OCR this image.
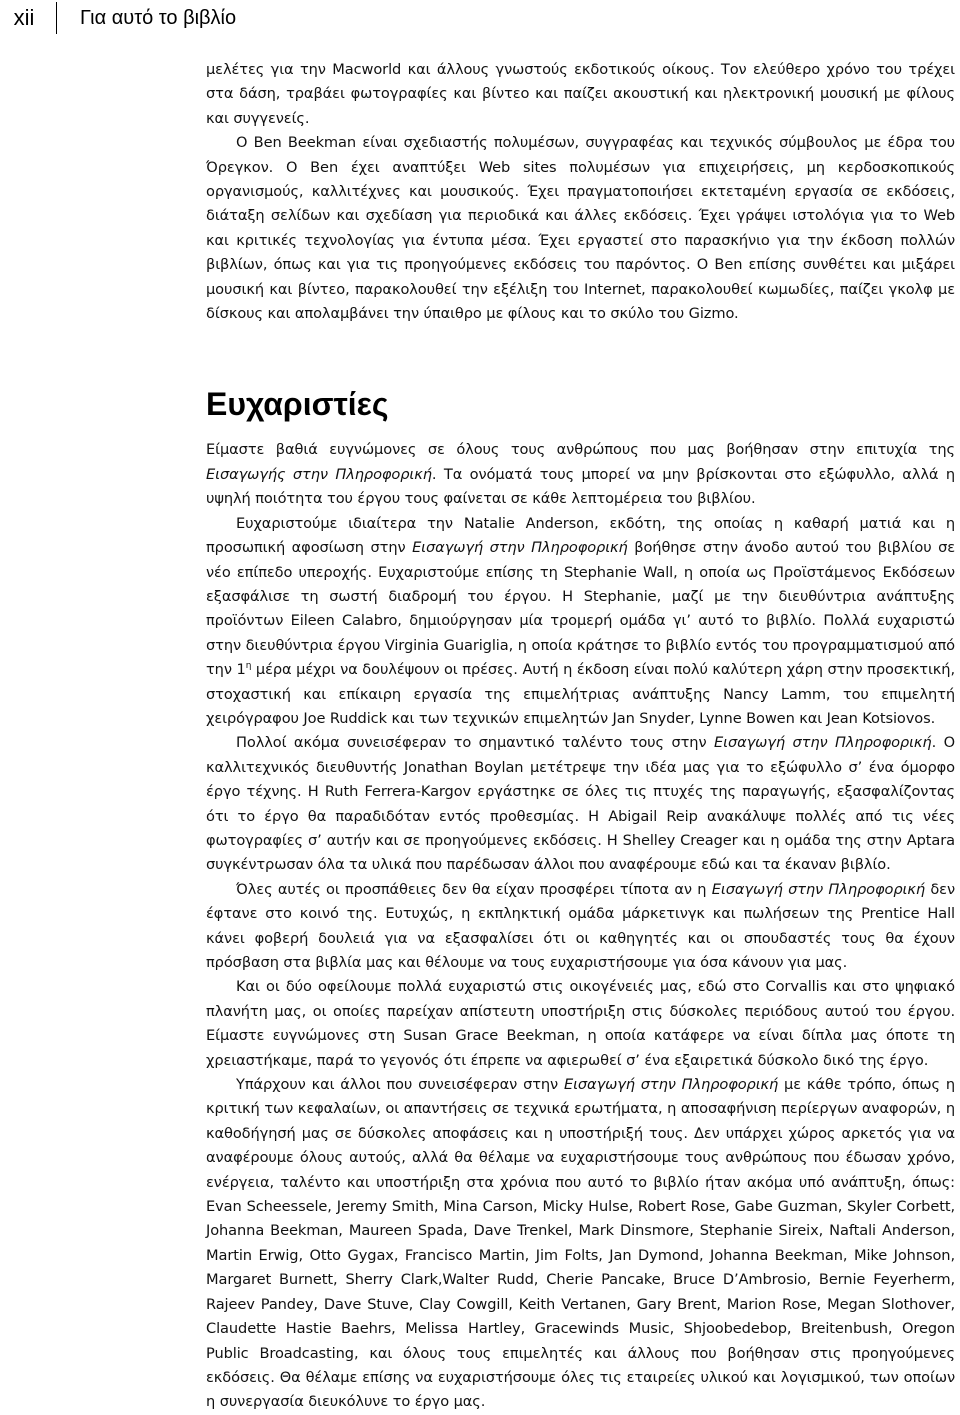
xii	Για αυτό το βιβλίο

μελέτες για την Macworld και άλλους γνωστούς εκδοτικούς οίκους. Τον ελεύθερο χρόνο του τρέχει στα δάση, τραβάει φωτογραφίες και βίντεο και παίζει ακουστική και ηλεκτρονική μουσική με φίλους και συγγενείς.

Ο Ben Beekman είναι σχεδιαστής πολυμέσων, συγγραφέας και τεχνικός σύμβουλος με έδρα του Όρεγκον. Ο Ben έχει αναπτύξει Web sites πολυμέσων για επιχειρήσεις, μη κερδοσκοπικούς οργανισμούς, καλλιτέχνες και μουσικούς. Έχει πραγματοποιήσει εκτεταμένη εργασία σε εκδόσεις, διάταξη σελίδων και σχεδίαση για περιοδικά και άλλες εκδόσεις. Έχει γράψει ιστολόγια για το Web και κριτικές τεχνολογίας για έντυπα μέσα. Έχει εργαστεί στο παρασκήνιο για την έκδοση πολλών βιβλίων, όπως και για τις προηγούμενες εκδόσεις του παρόντος. Ο Ben επίσης συνθέτει και μιξάρει μουσική και βίντεο, παρακολουθεί την εξέλιξη του Internet, παρακολουθεί κωμωδίες, παίζει γκολφ με δίσκους και απολαμβάνει την ύπαιθρο με φίλους και το σκύλο του Gizmo.

Ευχαριστίες

Είμαστε βαθιά ευγνώμονες σε όλους τους ανθρώπους που μας βοήθησαν στην επιτυχία της Εισαγωγής στην Πληροφορική. Τα ονόματά τους μπορεί να μην βρίσκονται στο εξώφυλλο, αλλά η υψηλή ποιότητα του έργου τους φαίνεται σε κάθε λεπτομέρεια του βιβλίου.

Ευχαριστούμε ιδιαίτερα την Natalie Anderson, εκδότη, της οποίας η καθαρή ματιά και η προσωπική αφοσίωση στην Εισαγωγή στην Πληροφορική βοήθησε στην άνοδο αυτού του βιβλίου σε νέο επίπεδο υπεροχής. Ευχαριστούμε επίσης τη Stephanie Wall, η οποία ως Προϊστάμενος Εκδόσεων εξασφάλισε τη σωστή διαδρομή του έργου. Η Stephanie, μαζί με την διευθύντρια ανάπτυξης προϊόντων Eileen Calabro, δημιούργησαν μία τρομερή ομάδα γι’ αυτό το βιβλίο. Πολλά ευχαριστώ στην διευθύντρια έργου Virginia Guariglia, η οποία κράτησε το βιβλίο εντός του προγραμματισμού από την $1^\eta$ μέρα μέχρι να δουλέψουν οι πρέσες. Αυτή η έκδοση είναι πολύ καλύτερη χάρη στην προσεκτική, στοχαστική και επίκαιρη εργασία της επιμελήτριας ανάπτυξης Nancy Lamm, του επιμελητή χειρόγραφου Joe Ruddick και των τεχνικών επιμελητών Jan Snyder, Lynne Bowen και Jean Kotsiovos.

Πολλοί ακόμα συνεισέφεραν το σημαντικό ταλέντο τους στην Εισαγωγή στην Πληροφορική. Ο καλλιτεχνικός διευθυντής Jonathan Boylan μετέτρεψε την ιδέα μας για το εξώφυλλο σ’ ένα όμορφο έργο τέχνης. Η Ruth Ferrera-Kargov εργάστηκε σε όλες τις πτυχές της παραγωγής, εξασφαλίζοντας ότι το έργο θα παραδιδόταν εντός προθεσμίας. Η Abigail Reip ανακάλυψε πολλές από τις νέες φωτογραφίες σ’ αυτήν και σε προηγούμενες εκδόσεις. Η Shelley Creager και η ομάδα της στην Aptara συγκέντρωσαν όλα τα υλικά που παρέδωσαν άλλοι που αναφέρουμε εδώ και τα έκαναν βιβλίο.

Όλες αυτές οι προσπάθειες δεν θα είχαν προσφέρει τίποτα αν η Εισαγωγή στην Πληροφορική δεν έφτανε στο κοινό της. Ευτυχώς, η εκπληκτική ομάδα μάρκετινγκ και πωλήσεων της Prentice Hall κάνει φοβερή δουλειά για να εξασφαλίσει ότι οι καθηγητές και οι σπουδαστές τους θα έχουν πρόσβαση στα βιβλία μας και θέλουμε να τους ευχαριστήσουμε για όσα κάνουν για μας.

Και οι δύο οφείλουμε πολλά ευχαριστώ στις οικογένειές μας, εδώ στο Corvallis και στο ψηφιακό πλανήτη μας, οι οποίες παρείχαν απίστευτη υποστήριξη στις δύσκολες περιόδους αυτού του έργου. Είμαστε ευγνώμονες στη Susan Grace Beekman, η οποία κατάφερε να είναι δίπλα μας όποτε τη χρειαστήκαμε, παρά το γεγονός ότι έπρεπε να αφιερωθεί σ’ ένα εξαιρετικά δύσκολο δικό της έργο.

Υπάρχουν και άλλοι που συνεισέφεραν στην Εισαγωγή στην Πληροφορική με κάθε τρόπο, όπως η κριτική των κεφαλαίων, οι απαντήσεις σε τεχνικά ερωτήματα, η αποσαφήνιση περίεργων αναφορών, η καθοδήγησή μας σε δύσκολες αποφάσεις και η υποστήριξή τους. Δεν υπάρχει χώρος αρκετός για να αναφέρουμε όλους αυτούς, αλλά θα θέλαμε να ευχαριστήσουμε τους ανθρώπους που έδωσαν χρόνο, ενέργεια, ταλέντο και υποστήριξη στα χρόνια που αυτό το βιβλίο ήταν ακόμα υπό ανάπτυξη, όπως: Evan Scheessele, Jeremy Smith, Mina Carson, Micky Hulse, Robert Rose, Gabe Guzman, Skyler Corbett, Johanna Beekman, Maureen Spada, Dave Trenkel, Mark Dinsmore, Stephanie Sireix, Naftali Anderson, Martin Erwig, Otto Gygax, Francisco Martin, Jim Folts, Jan Dymond, Johanna Beekman, Mike Johnson, Margaret Burnett, Sherry Clark,Walter Rudd, Cherie Pancake, Bruce D’Ambrosio, Bernie Feyerherm, Rajeev Pandey, Dave Stuve, Clay Cowgill, Keith Vertanen, Gary Brent, Marion Rose, Megan Slothover, Claudette Hastie Baehrs, Melissa Hartley, Gracewinds Music, Shjoobedebop, Breitenbush, Oregon Public Broadcasting, και όλους τους επιμελητές και άλλους που βοήθησαν στις προηγούμενες εκδόσεις. Θα θέλαμε επίσης να ευχαριστήσουμε όλες τις εταιρείες υλικού και λογισμικού, των οποίων η συνεργασία διευκόλυνε το έργο μας.
